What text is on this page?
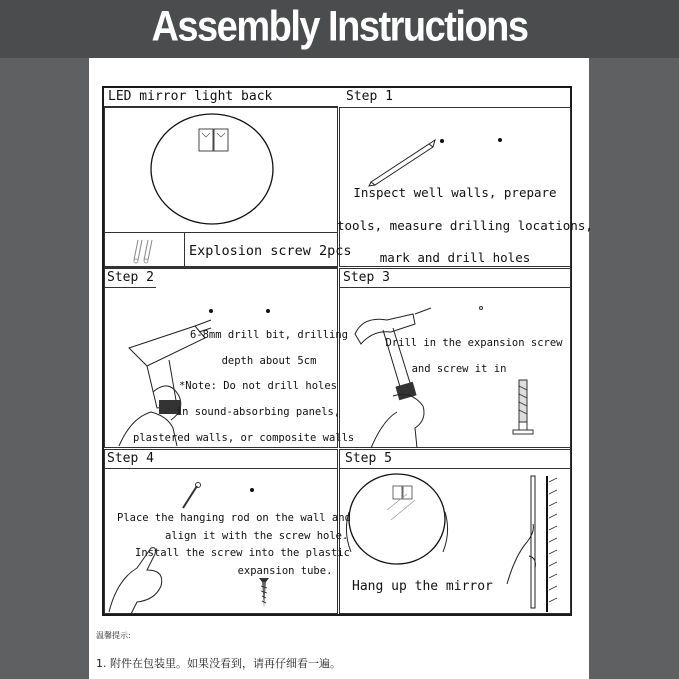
Assembly Instructions
LED mirror light back
Explosion screw 2pcs
Step 1
Inspect well walls, prepare
tools, measure drilling locations,
mark and drill holes
Step 2
6-8mm drill bit, drilling
depth about 5cm
*Note: Do not drill holes
in sound-absorbing panels,
plastered walls, or composite walls
Step 3
Drill in the expansion screw
and screw it in
Step 4
Place the hanging rod on the wall and
align it with the screw hole.
Install the screw into the plastic
expansion tube.
Step 5
Hang up the mirror
温馨提示:
1. 附件在包装里。如果没看到，请再仔细看一遍。
